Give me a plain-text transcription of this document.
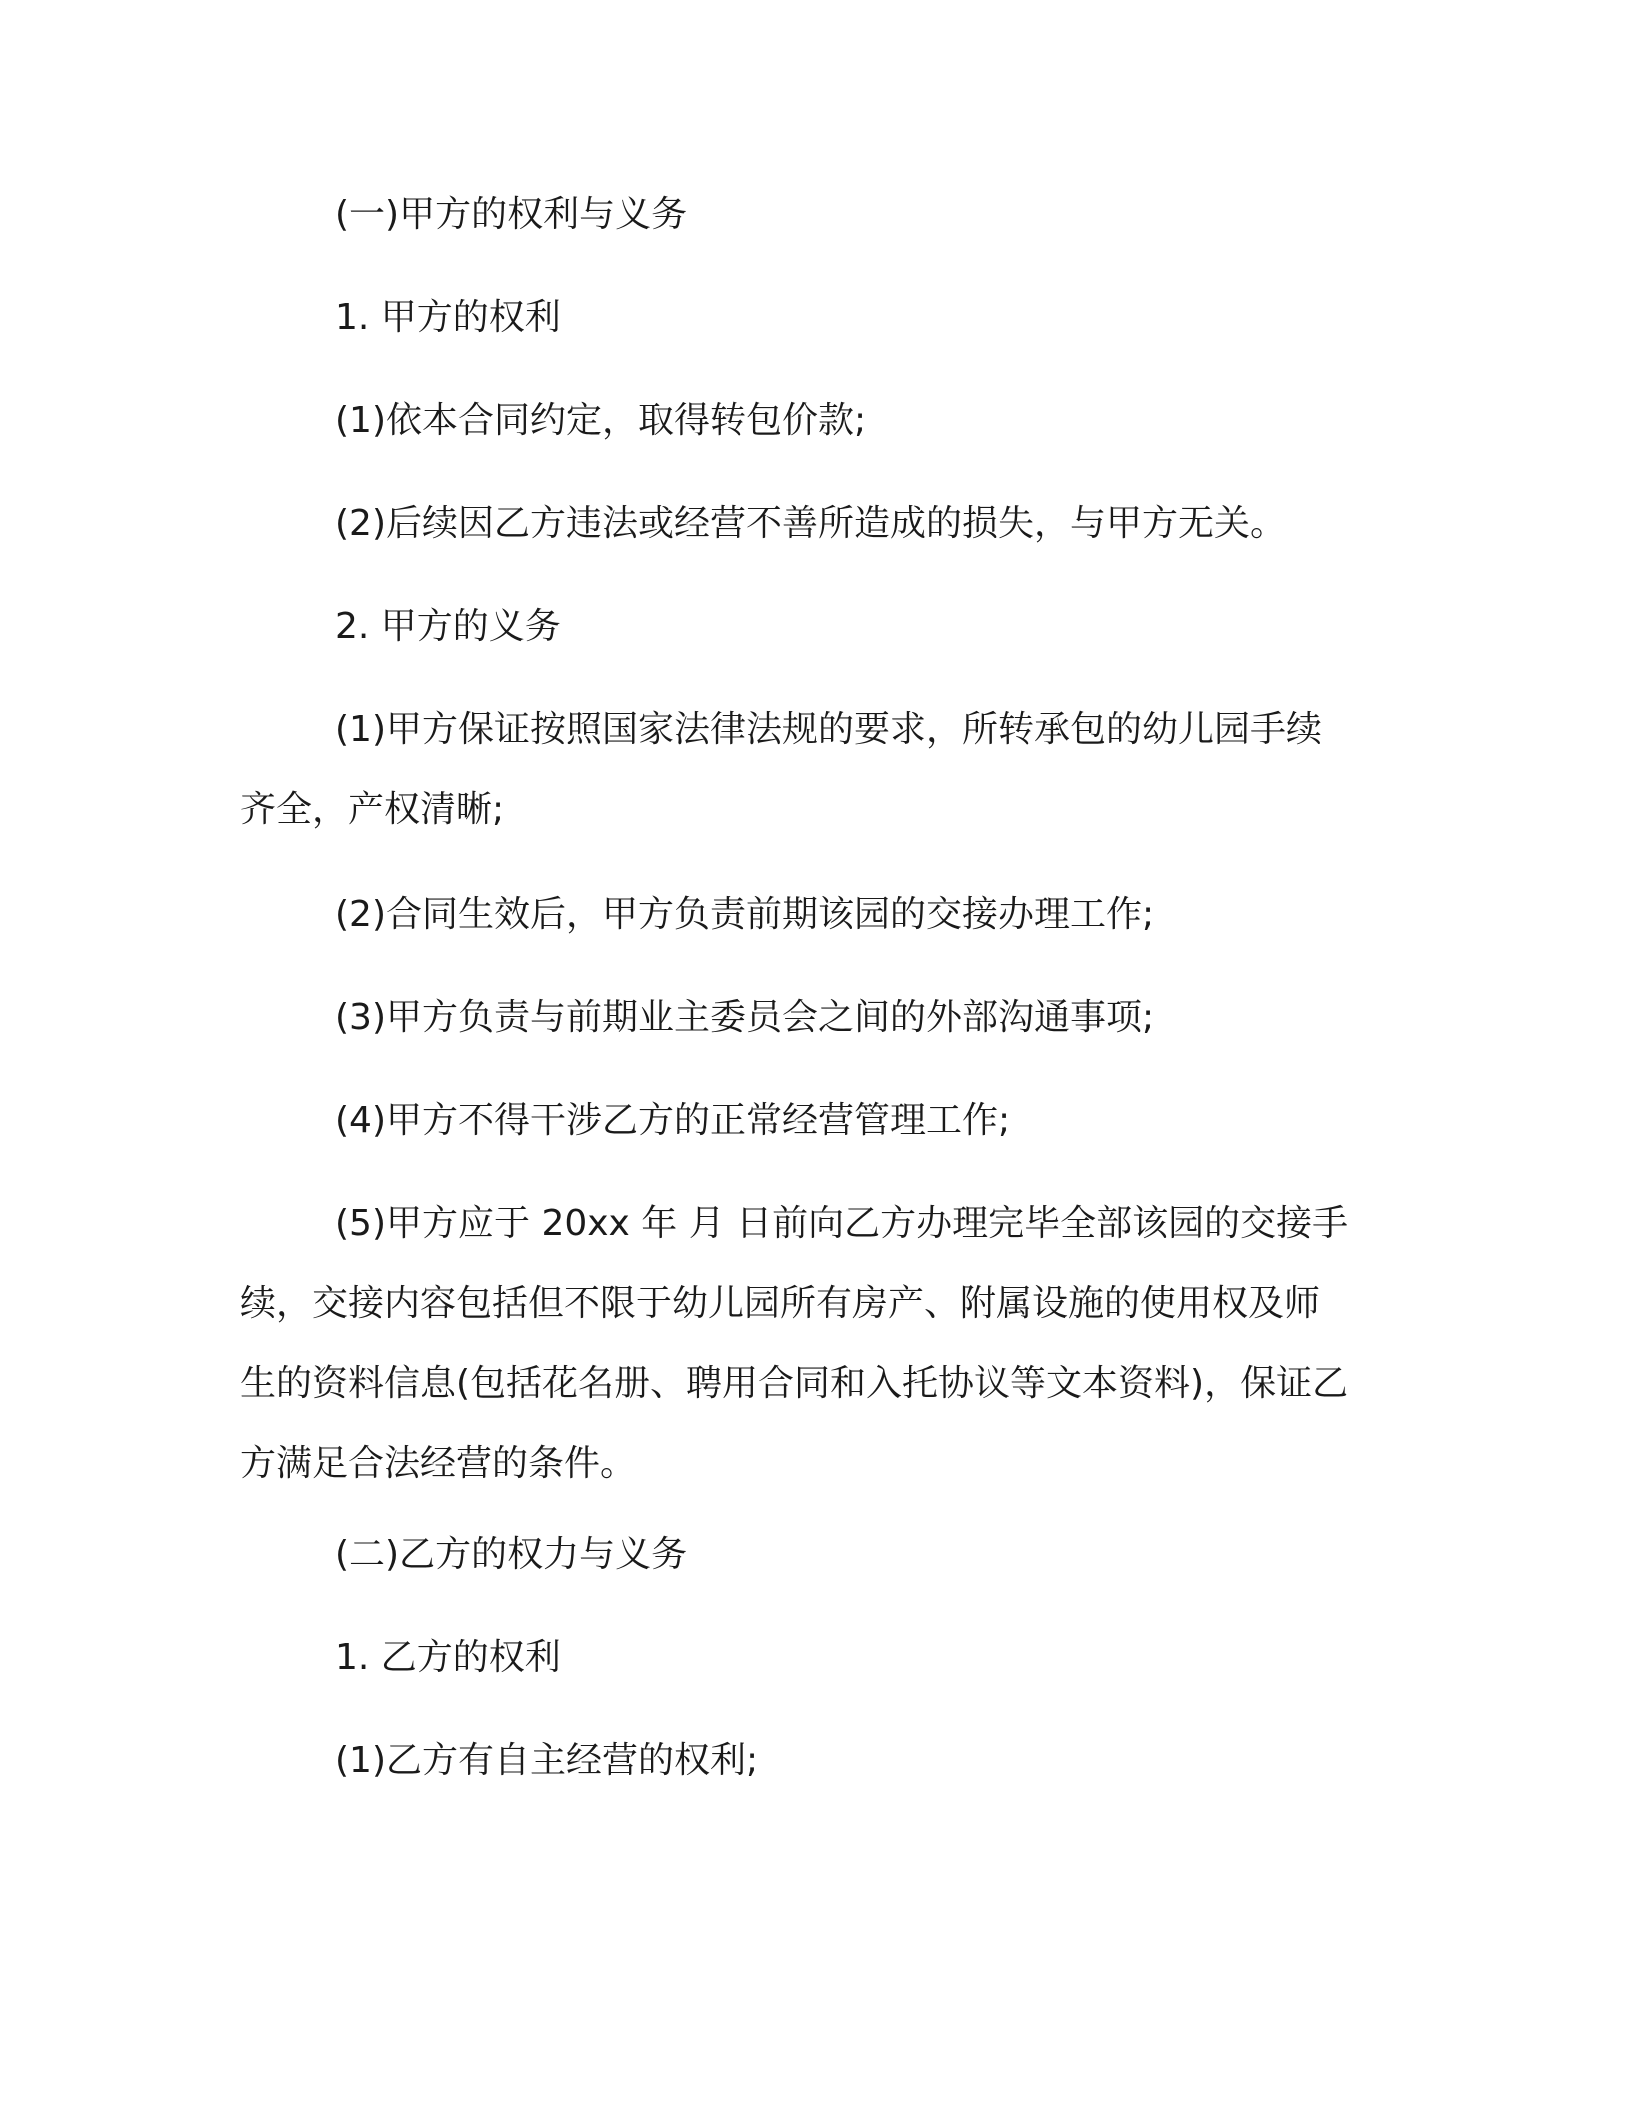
(一)甲方的权利与义务

1. 甲方的权利

(1)依本合同约定，取得转包价款;

(2)后续因乙方违法或经营不善所造成的损失，与甲方无关。

2. 甲方的义务

(1)甲方保证按照国家法律法规的要求，所转承包的幼儿园手续
齐全，产权清晰;

(2)合同生效后，甲方负责前期该园的交接办理工作;

(3)甲方负责与前期业主委员会之间的外部沟通事项;

(4)甲方不得干涉乙方的正常经营管理工作;

(5)甲方应于 20xx 年 月 日前向乙方办理完毕全部该园的交接手
续，交接内容包括但不限于幼儿园所有房产、附属设施的使用权及师
生的资料信息(包括花名册、聘用合同和入托协议等文本资料)，保证乙
方满足合法经营的条件。

(二)乙方的权力与义务

1. 乙方的权利

(1)乙方有自主经营的权利;
